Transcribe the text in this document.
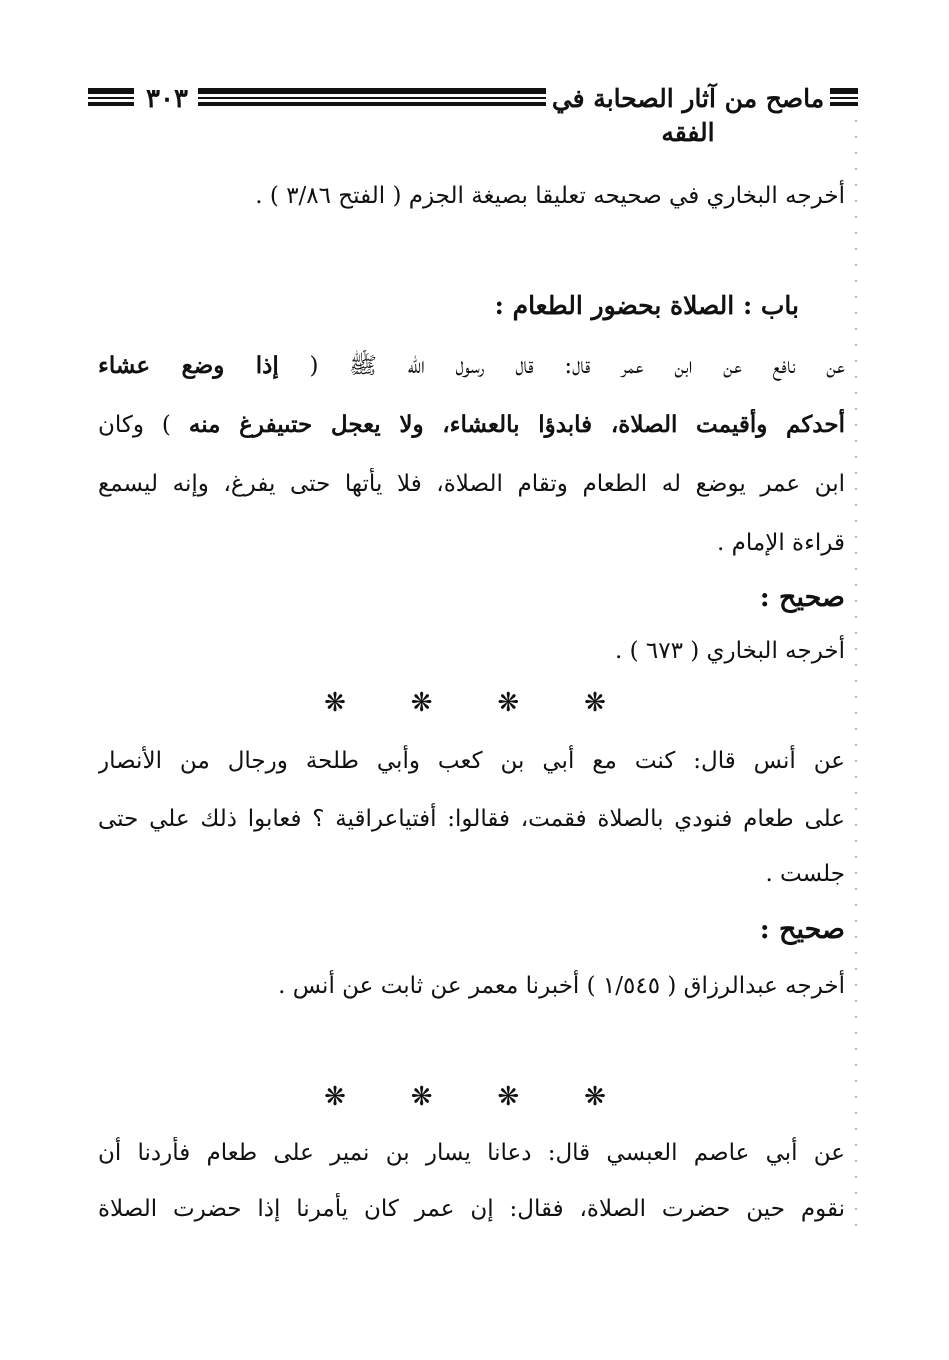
٣٠٣	ماصح من آثار الصحابة في الفقه
أخرجه البخاري في صحيحه تعليقا بصيغة الجزم ( الفتح ٣/٨٦ ) .
باب : الصلاة بحضور الطعام :
عن نافع عن ابن عمر قال: قال رسول الله ﷺ ( إذا وضع عشاء
أحدكم وأقيمت الصلاة، فابدؤا بالعشاء، ولا يعجل حتىيفرغ منه ) وكان
ابن عمر يوضع له الطعام وتقام الصلاة، فلا يأتها حتى يفرغ، وإنه ليسمع
قراءة الإمام .
صحيح :
أخرجه البخاري ( ٦٧٣ ) .
❋ ❋ ❋ ❋
عن أنس قال: كنت مع أبي بن كعب وأبي طلحة ورجال من الأنصار
على طعام فنودي بالصلاة فقمت، فقالوا: أفتياعراقية ؟ فعابوا ذلك علي حتى
جلست .
صحيح :
أخرجه عبدالرزاق ( ١/٥٤٥ ) أخبرنا معمر عن ثابت عن أنس .
❋ ❋ ❋ ❋
عن أبي عاصم العبسي قال: دعانا يسار بن نمير على طعام فأردنا أن
نقوم حين حضرت الصلاة، فقال: إن عمر كان يأمرنا إذا حضرت الصلاة
